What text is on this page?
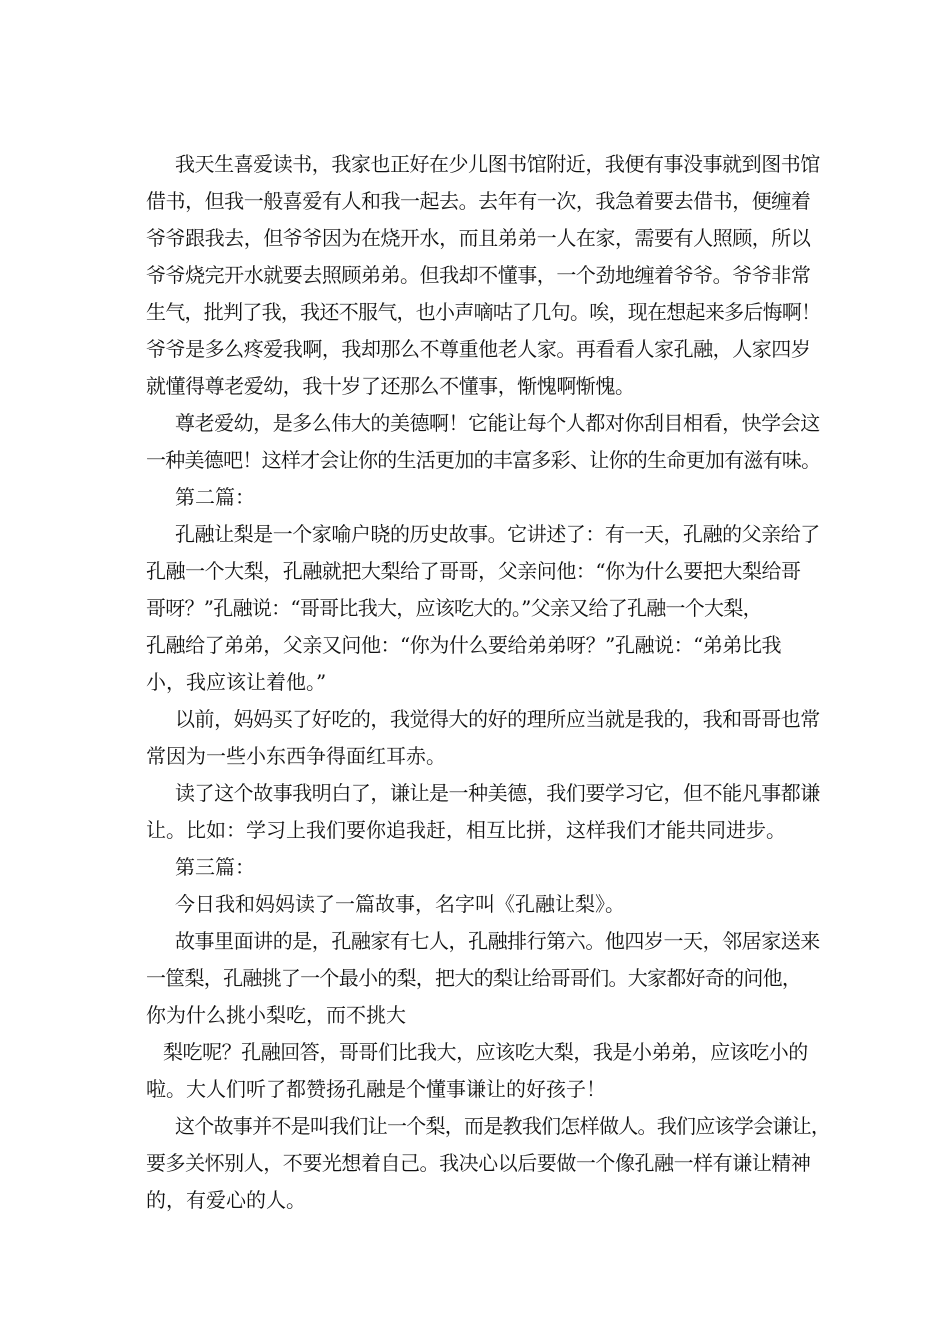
我天生喜爱读书，我家也正好在少儿图书馆附近，我便有事没事就到图书馆

借书，但我一般喜爱有人和我一起去。去年有一次，我急着要去借书，便缠着

爷爷跟我去，但爷爷因为在烧开水，而且弟弟一人在家，需要有人照顾，所以

爷爷烧完开水就要去照顾弟弟。但我却不懂事，一个劲地缠着爷爷。爷爷非常

生气，批判了我，我还不服气，也小声嘀咕了几句。唉，现在想起来多后悔啊！

爷爷是多么疼爱我啊，我却那么不尊重他老人家。再看看人家孔融，人家四岁

就懂得尊老爱幼，我十岁了还那么不懂事，惭愧啊惭愧。

尊老爱幼，是多么伟大的美德啊！它能让每个人都对你刮目相看，快学会这

一种美德吧！这样才会让你的生活更加的丰富多彩、让你的生命更加有滋有味。

第二篇：

孔融让梨是一个家喻户晓的历史故事。它讲述了：有一天，孔融的父亲给了

孔融一个大梨，孔融就把大梨给了哥哥，父亲问他：“你为什么要把大梨给哥

哥呀？”孔融说：“哥哥比我大，应该吃大的。”父亲又给了孔融一个大梨，

孔融给了弟弟，父亲又问他：“你为什么要给弟弟呀？”孔融说：“弟弟比我

小，我应该让着他。”

以前，妈妈买了好吃的，我觉得大的好的理所应当就是我的，我和哥哥也常

常因为一些小东西争得面红耳赤。

读了这个故事我明白了，谦让是一种美德，我们要学习它，但不能凡事都谦

让。比如：学习上我们要你追我赶，相互比拼，这样我们才能共同进步。

第三篇：

今日我和妈妈读了一篇故事，名字叫《孔融让梨》。

故事里面讲的是，孔融家有七人，孔融排行第六。他四岁一天，邻居家送来

一筐梨，孔融挑了一个最小的梨，把大的梨让给哥哥们。大家都好奇的问他，

你为什么挑小梨吃，而不挑大

梨吃呢？孔融回答，哥哥们比我大，应该吃大梨，我是小弟弟，应该吃小的

啦。大人们听了都赞扬孔融是个懂事谦让的好孩子！

这个故事并不是叫我们让一个梨，而是教我们怎样做人。我们应该学会谦让，

要多关怀别人，不要光想着自己。我决心以后要做一个像孔融一样有谦让精神

的，有爱心的人。
